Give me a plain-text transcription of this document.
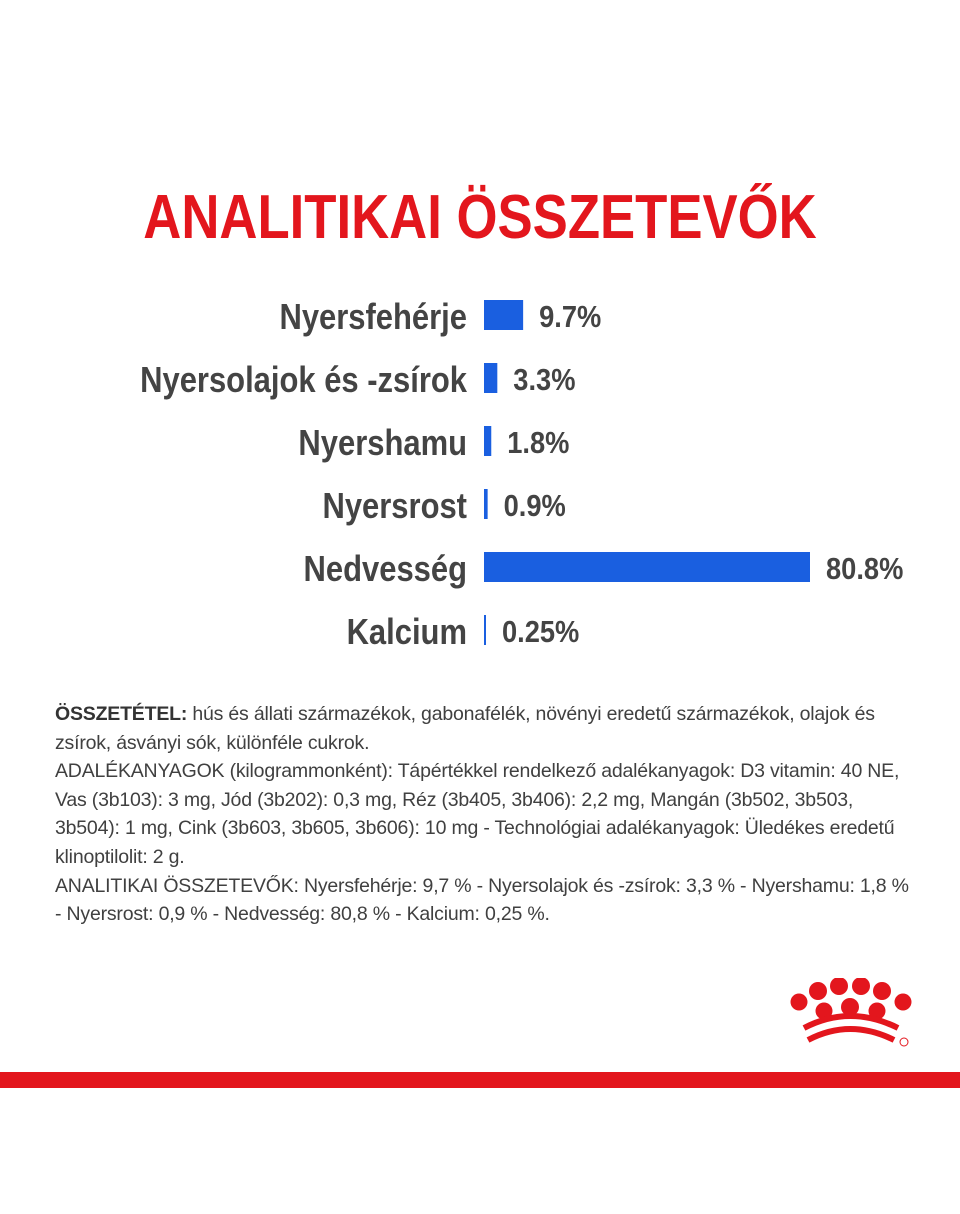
ANALITIKAI ÖSSZETEVŐK
Nyersfehérje 9.7%
Nyersolajok és -zsírok 3.3%
Nyershamu 1.8%
Nyersrost 0.9%
Nedvesség	80.8%
Kalcium 0.25%

ÖSSZETÉTEL: hús és állati származékok, gabonafélék, növényi eredetű származékok, olajok és zsírok, ásványi sók, különféle cukrok.

ADALÉKANYAGOK (kilogrammonként): Tápértékkel rendelkező adalékanyagok: D3 vitamin: 40 NE, Vas (3b103): 3 mg, Jód (3b202): 0,3 mg, Réz (3b405, 3b406): 2,2 mg, Mangán (3b502, 3b503, 3b504): 1 mg, Cink (3b603, 3b605, 3b606): 10 mg - Technológiai adalékanyagok: Üledékes eredetű klinoptilolit: 2 g.

ANALITIKAI ÖSSZETEVŐK: Nyersfehérje: 9,7 % - Nyersolajok és -zsírok: 3,3 % - Nyershamu: 1,8 % - Nyersrost: 0,9 % - Nedvesség: 80,8 % - Kalcium: 0,25 %.
